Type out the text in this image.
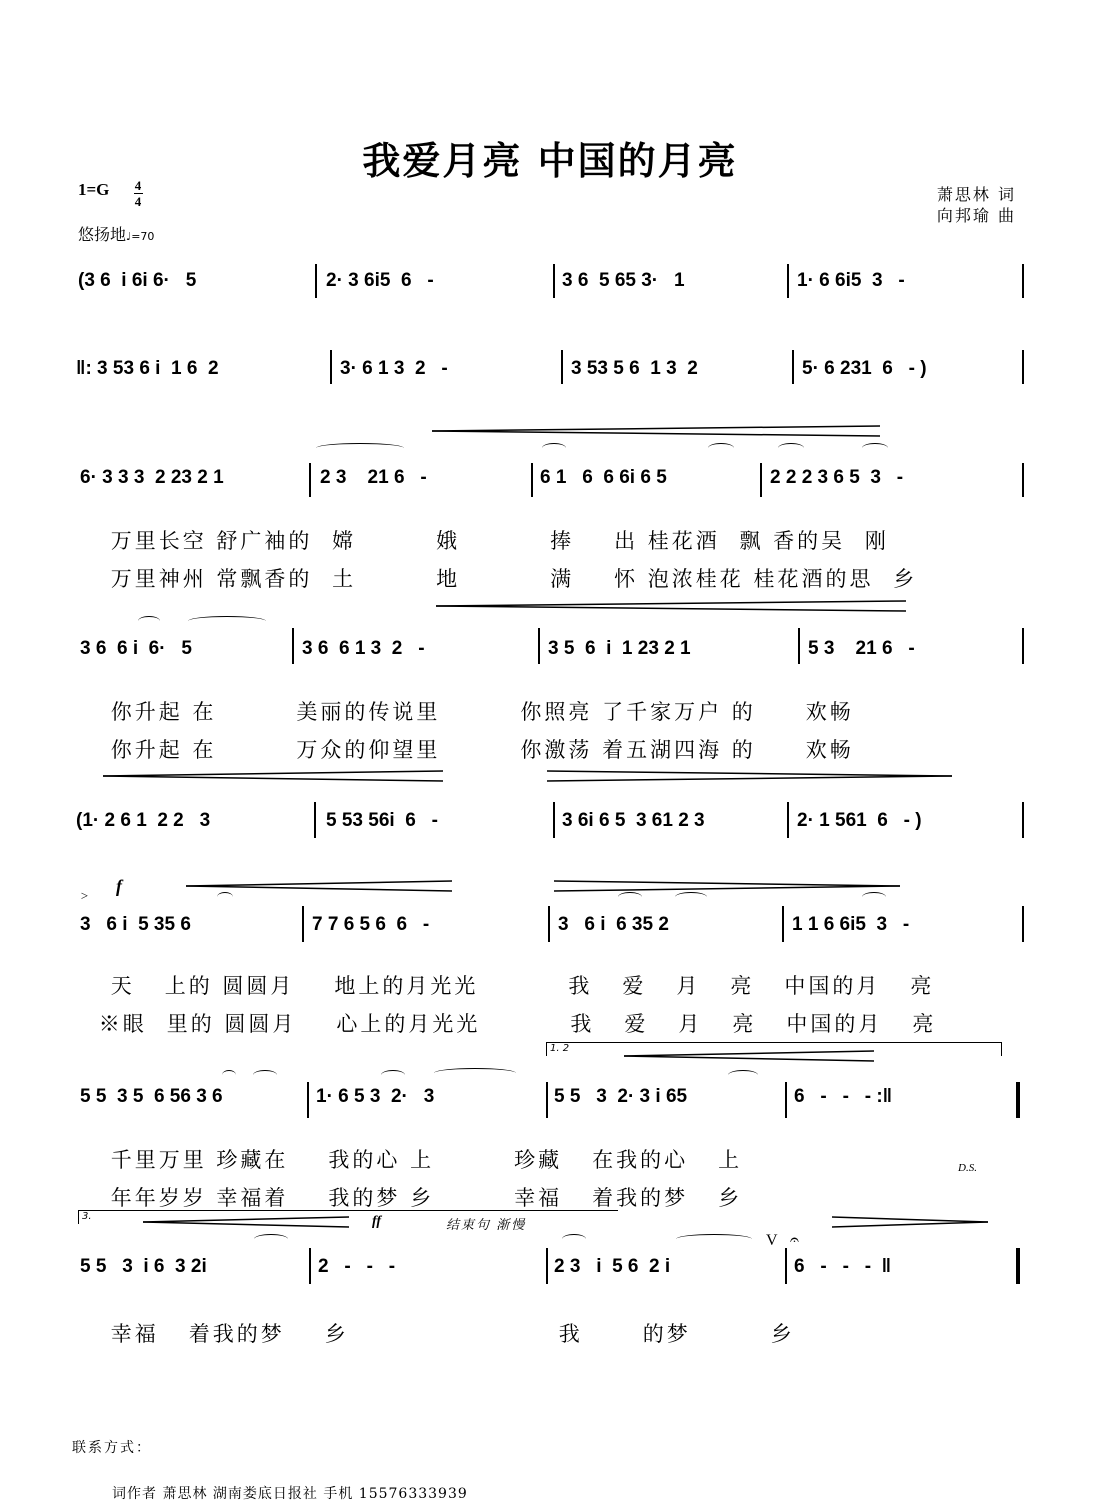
我爱月亮 中国的月亮
1=G 4
4
悠扬地♩=70
萧思林 词
向邦瑜 曲
(3 6  i 6i 6·   5	2· 3 6i5  6   -	3 6  5 65 3·   1	1· 6 6i5  3   -
‖: 3 53 6 i  1 6  2	3· 6 1 3  2   -	3 53 5 6  1 3  2	5· 6 231  6   - )
6· 3 3 3  2 23 2 1	2 3    21 6   -	6 1   6  6 6i 6 5	2 2 2 3 6 5  3   -

万里长空 舒广袖的 嫦	娥	捧 出 桂花酒 飘 香的吴 刚

万里神州 常飘香的 土	地	满 怀 泡浓桂花 桂花酒的思 乡

3 6  6 i  6·   5	3 6  6 1 3  2   -	3 5  6  i  1 23 2 1	5 3    21 6   -

你升起 在	美丽的传说里	你照亮 了千家万户 的 欢畅

你升起 在	万众的仰望里	你激荡 着五湖四海 的 欢畅

(1· 2 6 1  2 2   3	5 53 56i  6   -	3 6i 6 5  3 61 2 3	2· 1 561  6   - )
> f
3   6 i  5 35 6	7 7 6 5 6  6   -	3   6 i  6 35 2	1 1 6 6i5  3   -

天 上的 圆圆月 地上的月光光	我 爱 月 亮 中国的月 亮

※眼 里的 圆圆月 心上的月光光	我 爱 月 亮 中国的月 亮

1. 2
5 5  3 5  6 56 3 6	1· 6 5 3  2·   3	5 5   3  2· 3 i 65	6   -   -   - :‖

千里万里 珍藏在 我的心 上	珍藏 在我的心 上

年年岁岁 幸福着 我的梦 乡	幸福 着我的梦 乡

D.S.
3.	ff	结束句 渐慢
V 𝄐
5 5   3  i 6  3 2i	2   -   -   -	2 3   i  5 6  2 i	6   -   -   -  ‖

幸福 着我的梦 乡	我	的梦	乡

联系方式：
词作者 萧思林 湖南娄底日报社 手机 15576333939
